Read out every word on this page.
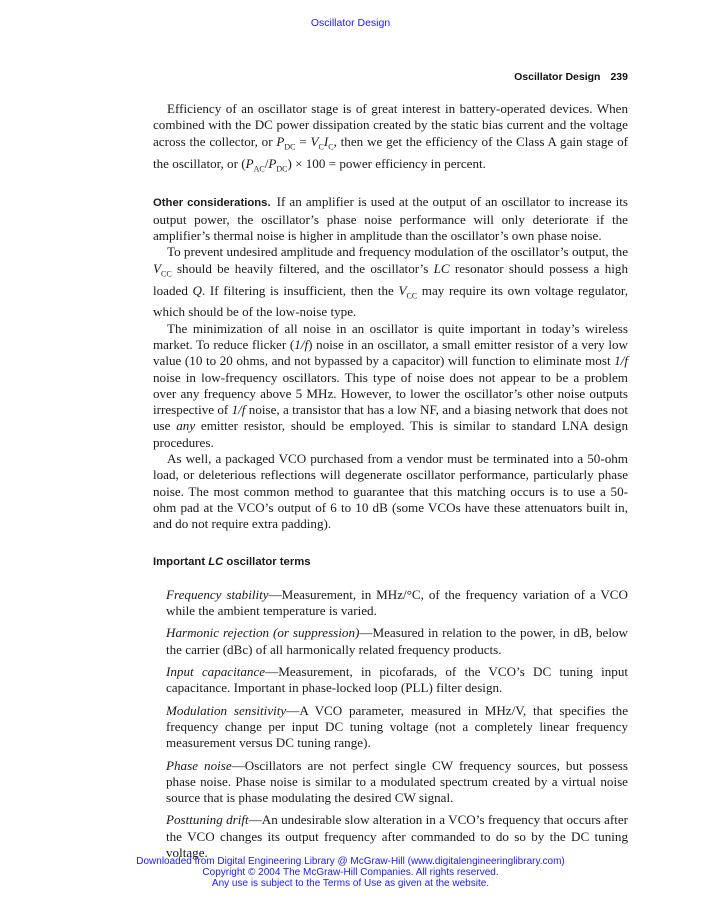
Oscillator Design
Oscillator Design 239

Efficiency of an oscillator stage is of great interest in battery-operated devices. When combined with the DC power dissipation created by the static bias current and the voltage across the collector, or $P_{DC} = V_CI_C$, then we get the efficiency of the Class A gain stage of the oscillator, or $(P_{AC}/P_{DC}) \times 100$ = power efficiency in percent.

Other considerations. If an amplifier is used at the output of an oscillator to increase its output power, the oscillator’s phase noise performance will only deteriorate if the amplifier’s thermal noise is higher in amplitude than the oscillator’s own phase noise.

To prevent undesired amplitude and frequency modulation of the oscillator’s output, the $V_{CC}$ should be heavily filtered, and the oscillator’s LC resonator should possess a high loaded Q. If filtering is insufficient, then the $V_{CC}$ may require its own voltage regulator, which should be of the low-noise type.

The minimization of all noise in an oscillator is quite important in today’s wireless market. To reduce flicker (1/f) noise in an oscillator, a small emitter resistor of a very low value (10 to 20 ohms, and not bypassed by a capacitor) will function to eliminate most 1/f noise in low-frequency oscillators. This type of noise does not appear to be a problem over any frequency above 5 MHz. However, to lower the oscillator’s other noise outputs irrespective of 1/f noise, a transistor that has a low NF, and a biasing network that does not use any emitter resistor, should be employed. This is similar to standard LNA design procedures.

As well, a packaged VCO purchased from a vendor must be terminated into a 50-ohm load, or deleterious reflections will degenerate oscillator performance, particularly phase noise. The most common method to guarantee that this matching occurs is to use a 50-ohm pad at the VCO’s output of 6 to 10 dB (some VCOs have these attenuators built in, and do not require extra padding).

Important LC oscillator terms

Frequency stability—Measurement, in MHz/°C, of the frequency variation of a VCO while the ambient temperature is varied.

Harmonic rejection (or suppression)—Measured in relation to the power, in dB, below the carrier (dBc) of all harmonically related frequency products.

Input capacitance—Measurement, in picofarads, of the VCO’s DC tuning input capacitance. Important in phase-locked loop (PLL) filter design.

Modulation sensitivity—A VCO parameter, measured in MHz/V, that specifies the frequency change per input DC tuning voltage (not a completely linear frequency measurement versus DC tuning range).

Phase noise—Oscillators are not perfect single CW frequency sources, but possess phase noise. Phase noise is similar to a modulated spectrum created by a virtual noise source that is phase modulating the desired CW signal.

Posttuning drift—An undesirable slow alteration in a VCO’s frequency that occurs after the VCO changes its output frequency after commanded to do so by the DC tuning voltage.

Downloaded from Digital Engineering Library @ McGraw-Hill (www.digitalengineeringlibrary.com)
Copyright © 2004 The McGraw-Hill Companies. All rights reserved.
Any use is subject to the Terms of Use as given at the website.
